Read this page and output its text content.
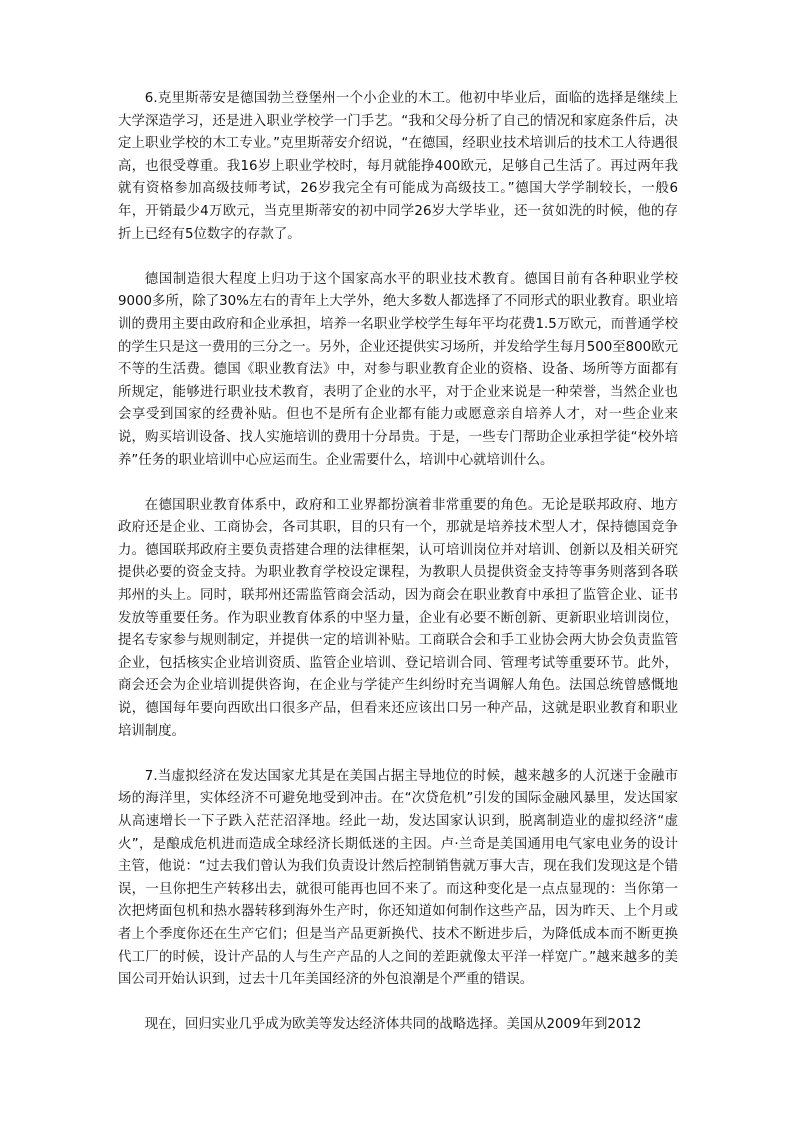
6.克里斯蒂安是德国勃兰登堡州一个小企业的木工。他初中毕业后，面临的选择是继续上大学深造学习，还是进入职业学校学一门手艺。“我和父母分析了自己的情况和家庭条件后，决定上职业学校的木工专业。”克里斯蒂安介绍说，“在德国，经职业技术培训后的技术工人待遇很高，也很受尊重。我16岁上职业学校时，每月就能挣400欧元，足够自己生活了。再过两年我就有资格参加高级技师考试，26岁我完全有可能成为高级技工。”德国大学学制较长，一般6年，开销最少4万欧元，当克里斯蒂安的初中同学26岁大学毕业，还一贫如洗的时候，他的存折上已经有5位数字的存款了。

德国制造很大程度上归功于这个国家高水平的职业技术教育。德国目前有各种职业学校9000多所，除了30%左右的青年上大学外，绝大多数人都选择了不同形式的职业教育。职业培训的费用主要由政府和企业承担，培养一名职业学校学生每年平均花费1.5万欧元，而普通学校的学生只是这一费用的三分之一。另外，企业还提供实习场所，并发给学生每月500至800欧元不等的生活费。德国《职业教育法》中，对参与职业教育企业的资格、设备、场所等方面都有所规定，能够进行职业技术教育，表明了企业的水平，对于企业来说是一种荣誉，当然企业也会享受到国家的经费补贴。但也不是所有企业都有能力或愿意亲自培养人才，对一些企业来说，购买培训设备、找人实施培训的费用十分昂贵。于是，一些专门帮助企业承担学徒“校外培养”任务的职业培训中心应运而生。企业需要什么，培训中心就培训什么。

在德国职业教育体系中，政府和工业界都扮演着非常重要的角色。无论是联邦政府、地方政府还是企业、工商协会，各司其职，目的只有一个，那就是培养技术型人才，保持德国竞争力。德国联邦政府主要负责搭建合理的法律框架，认可培训岗位并对培训、创新以及相关研究提供必要的资金支持。为职业教育学校设定课程，为教职人员提供资金支持等事务则落到各联邦州的头上。同时，联邦州还需监管商会活动，因为商会在职业教育中承担了监管企业、证书发放等重要任务。作为职业教育体系的中坚力量，企业有必要不断创新、更新职业培训岗位，提名专家参与规则制定，并提供一定的培训补贴。工商联合会和手工业协会两大协会负责监管企业，包括核实企业培训资质、监管企业培训、登记培训合同、管理考试等重要环节。此外，商会还会为企业培训提供咨询，在企业与学徒产生纠纷时充当调解人角色。法国总统曾感慨地说，德国每年要向西欧出口很多产品，但看来还应该出口另一种产品，这就是职业教育和职业培训制度。

7.当虚拟经济在发达国家尤其是在美国占据主导地位的时候，越来越多的人沉迷于金融市场的海洋里，实体经济不可避免地受到冲击。在“次贷危机”引发的国际金融风暴里，发达国家从高速增长一下子跌入茫茫沼泽地。经此一劫，发达国家认识到，脱离制造业的虚拟经济“虚火”，是酿成危机进而造成全球经济长期低迷的主因。卢·兰奇是美国通用电气家电业务的设计主管，他说：“过去我们曾认为我们负责设计然后控制销售就万事大吉，现在我们发现这是个错误，一旦你把生产转移出去，就很可能再也回不来了。而这种变化是一点点显现的：当你第一次把烤面包机和热水器转移到海外生产时，你还知道如何制作这些产品，因为昨天、上个月或者上个季度你还在生产它们；但是当产品更新换代、技术不断进步后，为降低成本而不断更换代工厂的时候，设计产品的人与生产产品的人之间的差距就像太平洋一样宽广。”越来越多的美国公司开始认识到，过去十几年美国经济的外包浪潮是个严重的错误。

现在，回归实业几乎成为欧美等发达经济体共同的战略选择。美国从2009年到2012
